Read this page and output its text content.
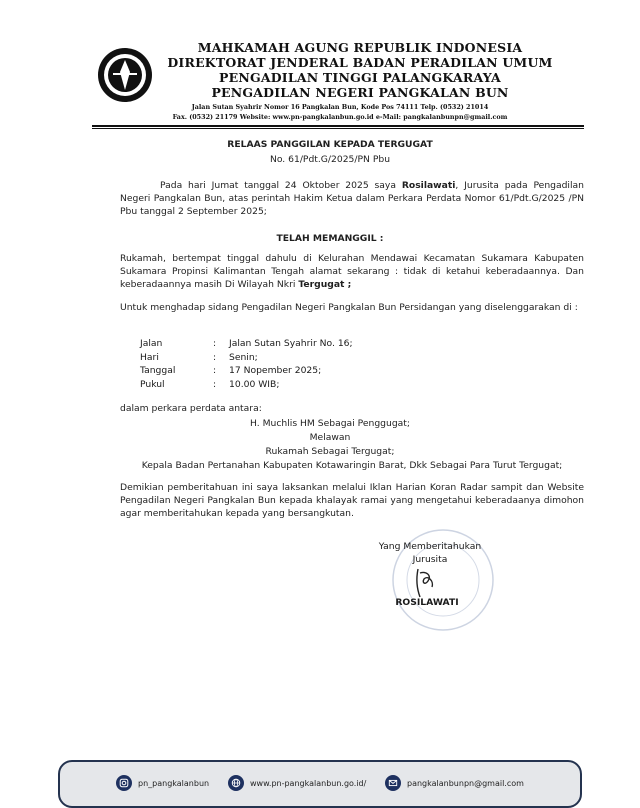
MAHKAMAH AGUNG REPUBLIK INDONESIA
DIREKTORAT JENDERAL BADAN PERADILAN UMUM
PENGADILAN TINGGI PALANGKARAYA
PENGADILAN NEGERI PANGKALAN BUN
Jalan Sutan Syahrir Nomor 16 Pangkalan Bun, Kode Pos 74111 Telp. (0532) 21014
Fax. (0532) 21179 Website: www.pn-pangkalanbun.go.id e-Mail: pangkalanbunpn@gmail.com
RELAAS PANGGILAN KEPADA TERGUGAT
No. 61/Pdt.G/2025/PN Pbu
Pada hari Jumat tanggal 24 Oktober 2025 saya Rosilawati, Jurusita pada Pengadilan Negeri Pangkalan Bun, atas perintah Hakim Ketua dalam Perkara Perdata Nomor 61/Pdt.G/2025 /PN Pbu tanggal 2 September 2025;
TELAH MEMANGGIL :
Rukamah, bertempat tinggal dahulu di Kelurahan Mendawai Kecamatan Sukamara Kabupaten Sukamara Propinsi Kalimantan Tengah alamat sekarang : tidak di ketahui keberadaannya. Dan keberadaannya masih Di Wilayah Nkri Tergugat ;
Untuk menghadap sidang Pengadilan Negeri Pangkalan Bun Persidangan yang diselenggarakan di :
Jalan	:	Jalan Sutan Syahrir No. 16;
Hari	:	Senin;
Tanggal	:	17 Nopember 2025;
Pukul	:	10.00 WIB;
dalam perkara perdata antara:
H. Muchlis HM Sebagai Penggugat;
Melawan
Rukamah Sebagai Tergugat;
Kepala Badan Pertanahan Kabupaten Kotawaringin Barat, Dkk Sebagai Para Turut Tergugat;
Demikian pemberitahuan ini saya laksankan melalui Iklan Harian Koran Radar sampit dan Website Pengadilan Negeri Pangkalan Bun kepada khalayak ramai yang mengetahui keberadaanya dimohon agar memberitahukan kepada yang bersangkutan.
Yang Memberitahukan
Jurusita
ROSILAWATI
pn_pangkalanbun	www.pn-pangkalanbun.go.id/	pangkalanbunpn@gmail.com
